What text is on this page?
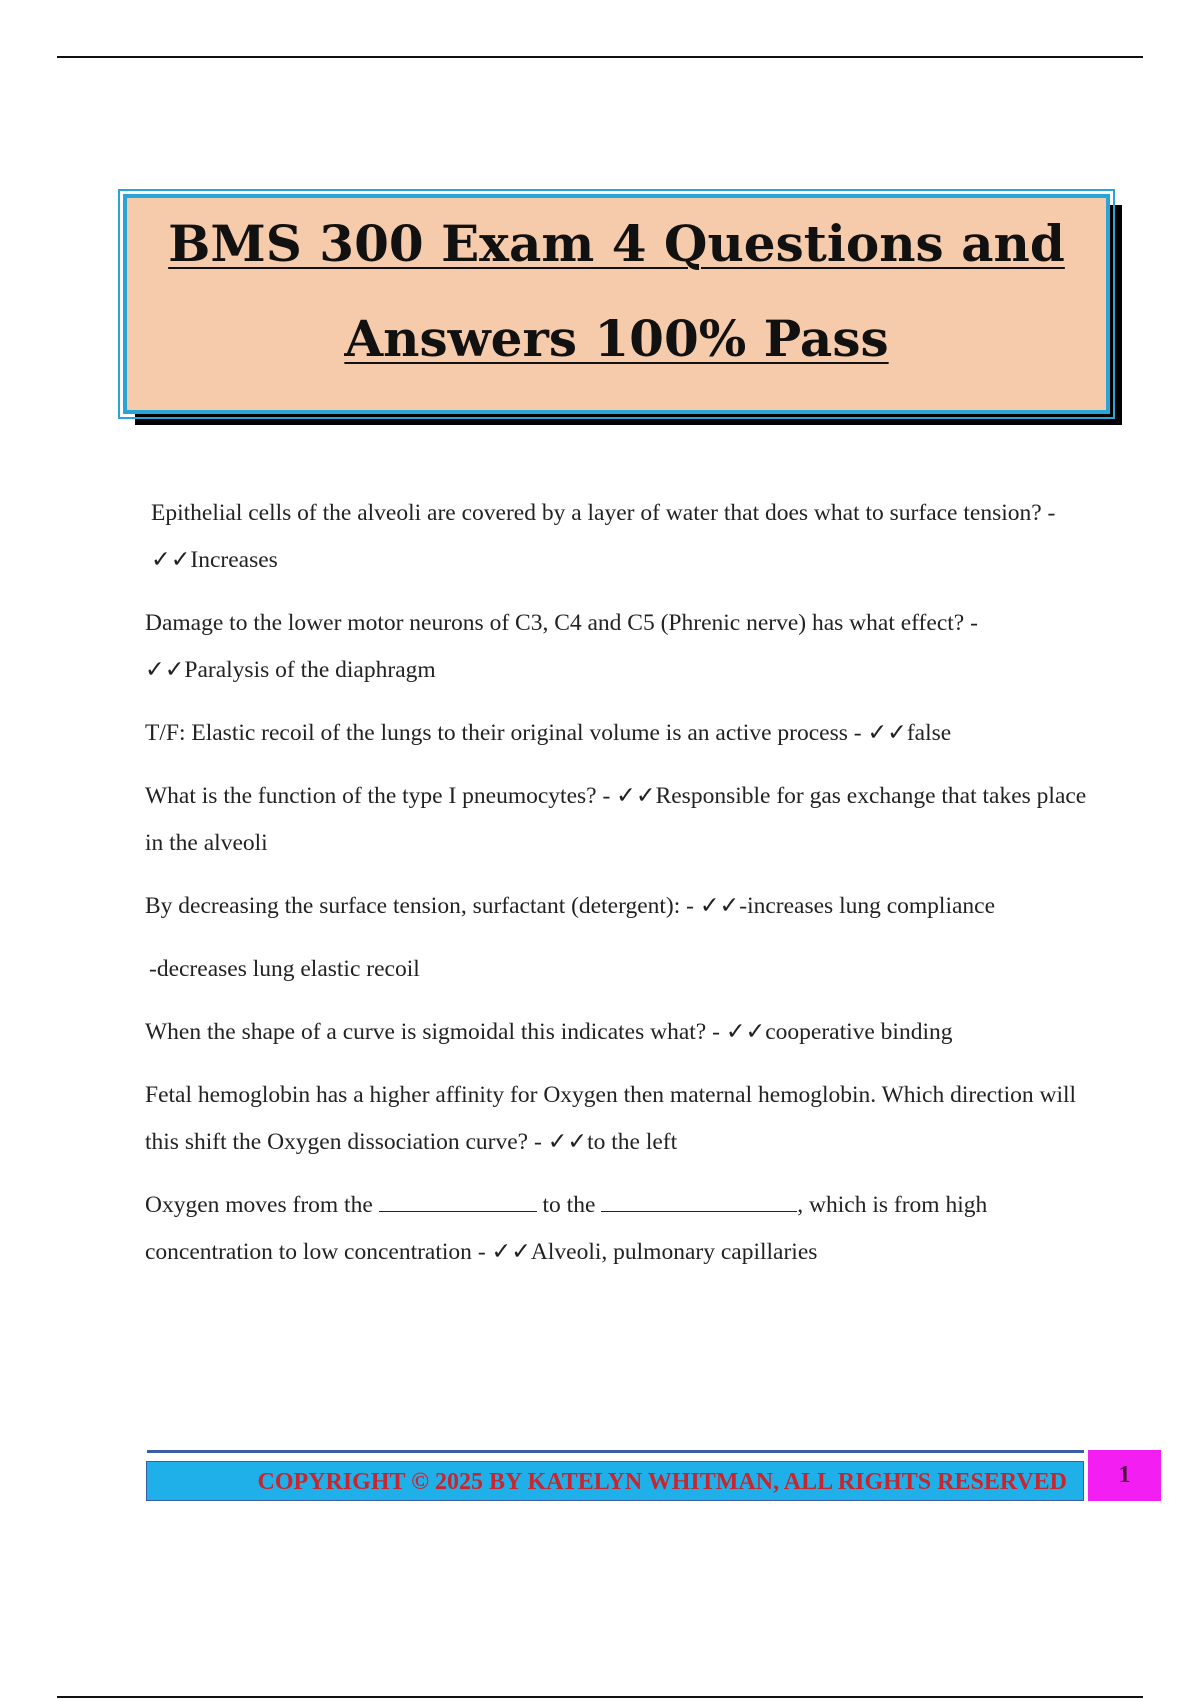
BMS 300 Exam 4 Questions and
Answers 100% Pass

Epithelial cells of the alveoli are covered by a layer of water that does what to surface tension? - ✓✓Increases

Damage to the lower motor neurons of C3, C4 and C5 (Phrenic nerve) has what effect? - ✓✓Paralysis of the diaphragm

T/F: Elastic recoil of the lungs to their original volume is an active process - ✓✓false

What is the function of the type I pneumocytes? - ✓✓Responsible for gas exchange that takes place in the alveoli

By decreasing the surface tension, surfactant (detergent): - ✓✓-increases lung compliance

-decreases lung elastic recoil

When the shape of a curve is sigmoidal this indicates what? - ✓✓cooperative binding

Fetal hemoglobin has a higher affinity for Oxygen then maternal hemoglobin. Which direction will this shift the Oxygen dissociation curve? - ✓✓to the left

Oxygen moves from the	to the	, which is from high concentration to low concentration - ✓✓Alveoli, pulmonary capillaries

COPYRIGHT © 2025 BY KATELYN WHITMAN, ALL RIGHTS RESERVED	1
